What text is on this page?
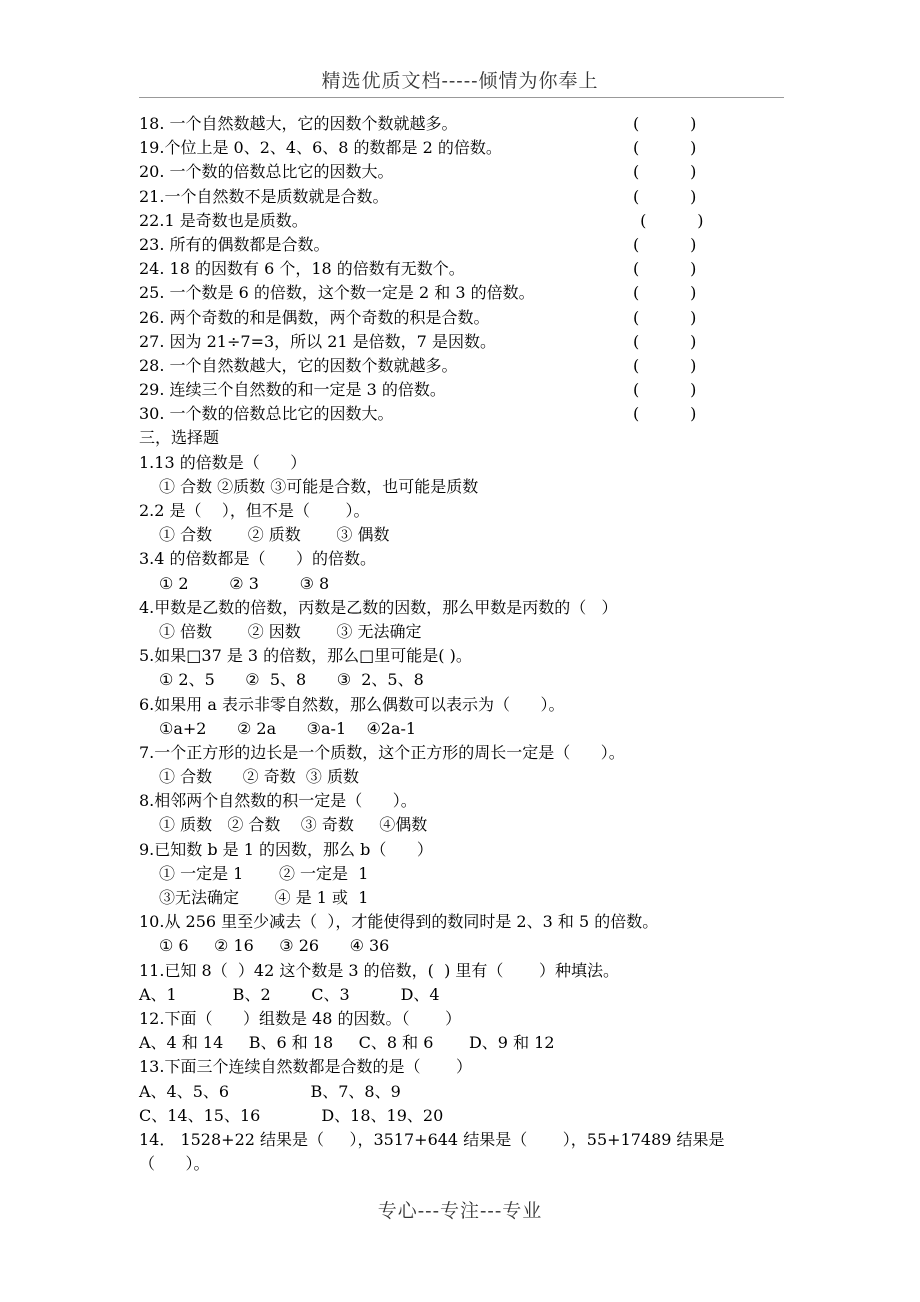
精选优质文档-----倾情为你奉上
18. 一个自然数越大，它的因数个数就越多。	(          )
19.个位上是 0、2、4、6、8 的数都是 2 的倍数。	(          )
20. 一个数的倍数总比它的因数大。	(          )
21.一个自然数不是质数就是合数。	(          )
22.1 是奇数也是质数。	(          )
23. 所有的偶数都是合数。	(          )
24. 18 的因数有 6 个，18 的倍数有无数个。	(          )
25. 一个数是 6 的倍数，这个数一定是 2 和 3 的倍数。	(          )
26. 两个奇数的和是偶数，两个奇数的积是合数。	(          )
27. 因为 21÷7=3，所以 21 是倍数，7 是因数。	(          )
28. 一个自然数越大，它的因数个数就越多。	(          )
29. 连续三个自然数的和一定是 3 的倍数。	(          )
30. 一个数的倍数总比它的因数大。	(          )
三，选择题
1.13 的倍数是（      ）
① 合数 ②质数 ③可能是合数，也可能是质数
2.2 是（    ），但不是（       ）。
① 合数       ② 质数       ③ 偶数
3.4 的倍数都是（      ）的倍数。
① 2        ② 3        ③ 8
4.甲数是乙数的倍数，丙数是乙数的因数，那么甲数是丙数的（   ）
① 倍数       ② 因数       ③ 无法确定
5.如果□37 是 3 的倍数，那么□里可能是( )。
① 2、5      ②  5、8      ③  2、5、8
6.如果用 a 表示非零自然数，那么偶数可以表示为（      ）。
①a+2      ② 2a      ③a-1    ④2a-1
7.一个正方形的边长是一个质数，这个正方形的周长一定是（      ）。
① 合数      ② 奇数  ③ 质数
8.相邻两个自然数的积一定是（      ）。
① 质数   ② 合数    ③ 奇数     ④偶数
9.已知数 b 是 1 的因数，那么 b（      ）
① 一定是 1       ② 一定是  1
③无法确定       ④ 是 1 或  1
10.从 256 里至少减去（  ），才能使得到的数同时是 2、3 和 5 的倍数。
① 6     ② 16     ③ 26      ④ 36
11.已知 8（  ）42 这个数是 3 的倍数，(  ) 里有（       ）种填法。
A、1           B、2        C、3          D、4
12.下面（      ）组数是 48 的因数。（       ）
A、4 和 14     B、6 和 18     C、8 和 6       D、9 和 12
13.下面三个连续自然数都是合数的是（       ）
A、4、5、6                B、7、8、9
C、14、15、16            D、18、19、20
14． 1528+22 结果是（     ），3517+644 结果是（       ），55+17489 结果是
（      ）。
专心---专注---专业
